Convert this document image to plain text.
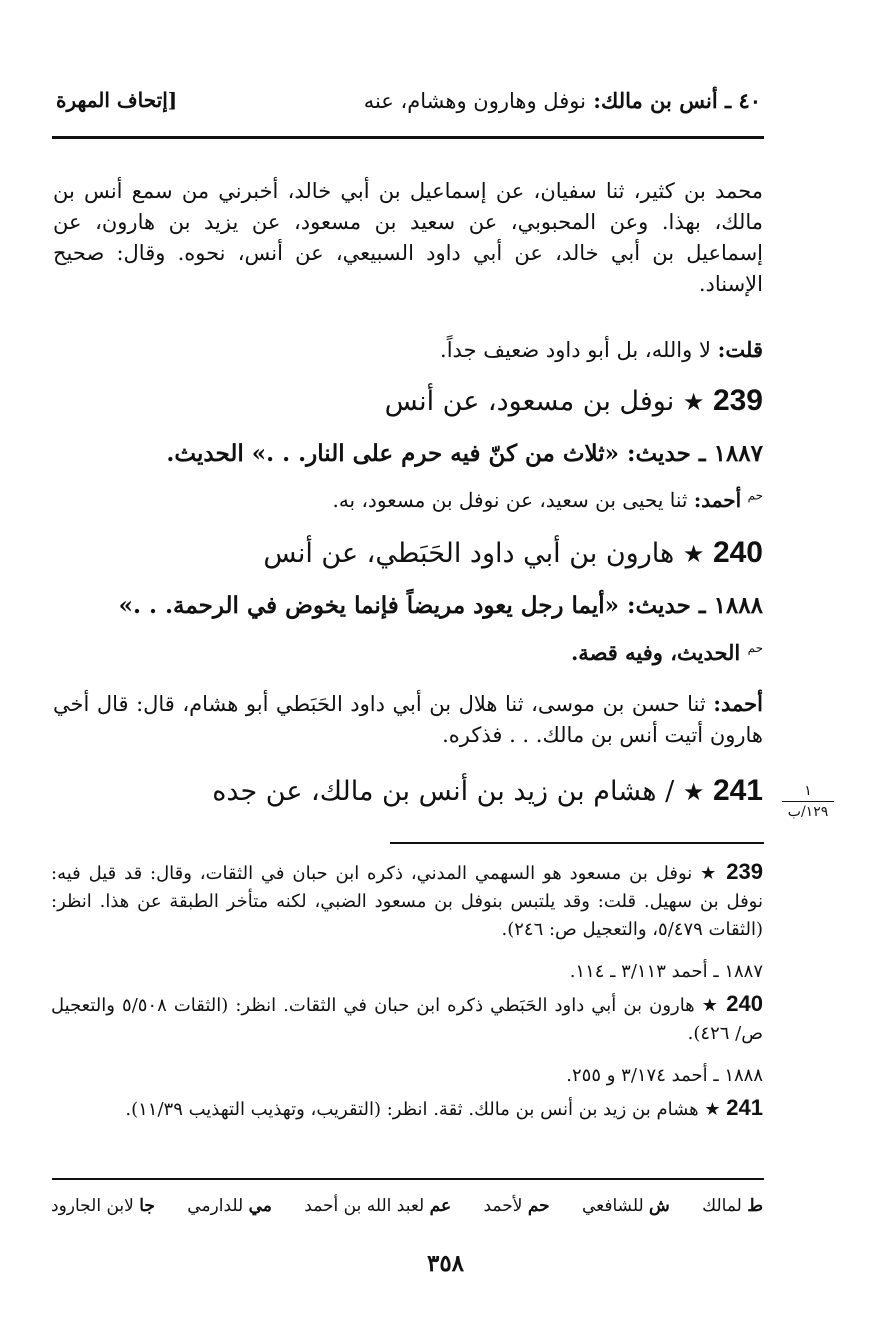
٤٠ ـ أنس بن مالك: نوفل وهارون وهشام، عنه
[إتحاف المهرة
محمد بن كثير، ثنا سفيان، عن إسماعيل بن أبي خالد، أخبرني من سمع أنس بن مالك، بهذا. وعن المحبوبي، عن سعيد بن مسعود، عن يزيد بن هارون، عن إسماعيل بن أبي خالد، عن أبي داود السبيعي، عن أنس، نحوه. وقال: صحيح الإسناد.
قلت: لا والله، بل أبو داود ضعيف جداً.
239 ★ نوفل بن مسعود، عن أنس
١٨٨٧ ـ حديث: «ثلاث من كنّ فيه حرم على النار. . .» الحديث.
$^{حم}$ أحمد: ثنا يحيى بن سعيد، عن نوفل بن مسعود، به.
240 ★ هارون بن أبي داود الحَبَطي، عن أنس
١٨٨٨ ـ حديث: «أيما رجل يعود مريضاً فإنما يخوض في الرحمة. . .»
$^{حم}$ الحديث، وفيه قصة.
أحمد: ثنا حسن بن موسى، ثنا هلال بن أبي داود الحَبَطي أبو هشام، قال: قال أخي هارون أتيت أنس بن مالك. . . فذكره.
241 ★ / هشام بن زيد بن أنس بن مالك، عن جده	١
١٢٩/ب
239 ★ نوفل بن مسعود هو السهمي المدني، ذكره ابن حبان في الثقات، وقال: قد قيل فيه: نوفل بن سهيل. قلت: وقد يلتبس بنوفل بن مسعود الضبي، لكنه متأخر الطبقة عن هذا. انظر: (الثقات ٥/٤٧٩، والتعجيل ص: ٢٤٦).
١٨٨٧ ـ أحمد ٣/١١٣ ـ ١١٤.
240 ★ هارون بن أبي داود الحَبَطي ذكره ابن حبان في الثقات. انظر: (الثقات ٥/٥٠٨ والتعجيل ص/ ٤٢٦).
١٨٨٨ ـ أحمد ٣/١٧٤ و ٢٥٥.
241 ★ هشام بن زيد بن أنس بن مالك. ثقة. انظر: (التقريب، وتهذيب التهذيب ١١/٣٩).
ط لمالك
ش للشافعي
حم لأحمد
عم لعبد الله بن أحمد
مي للدارمي
جا لابن الجارود
٣٥٨
